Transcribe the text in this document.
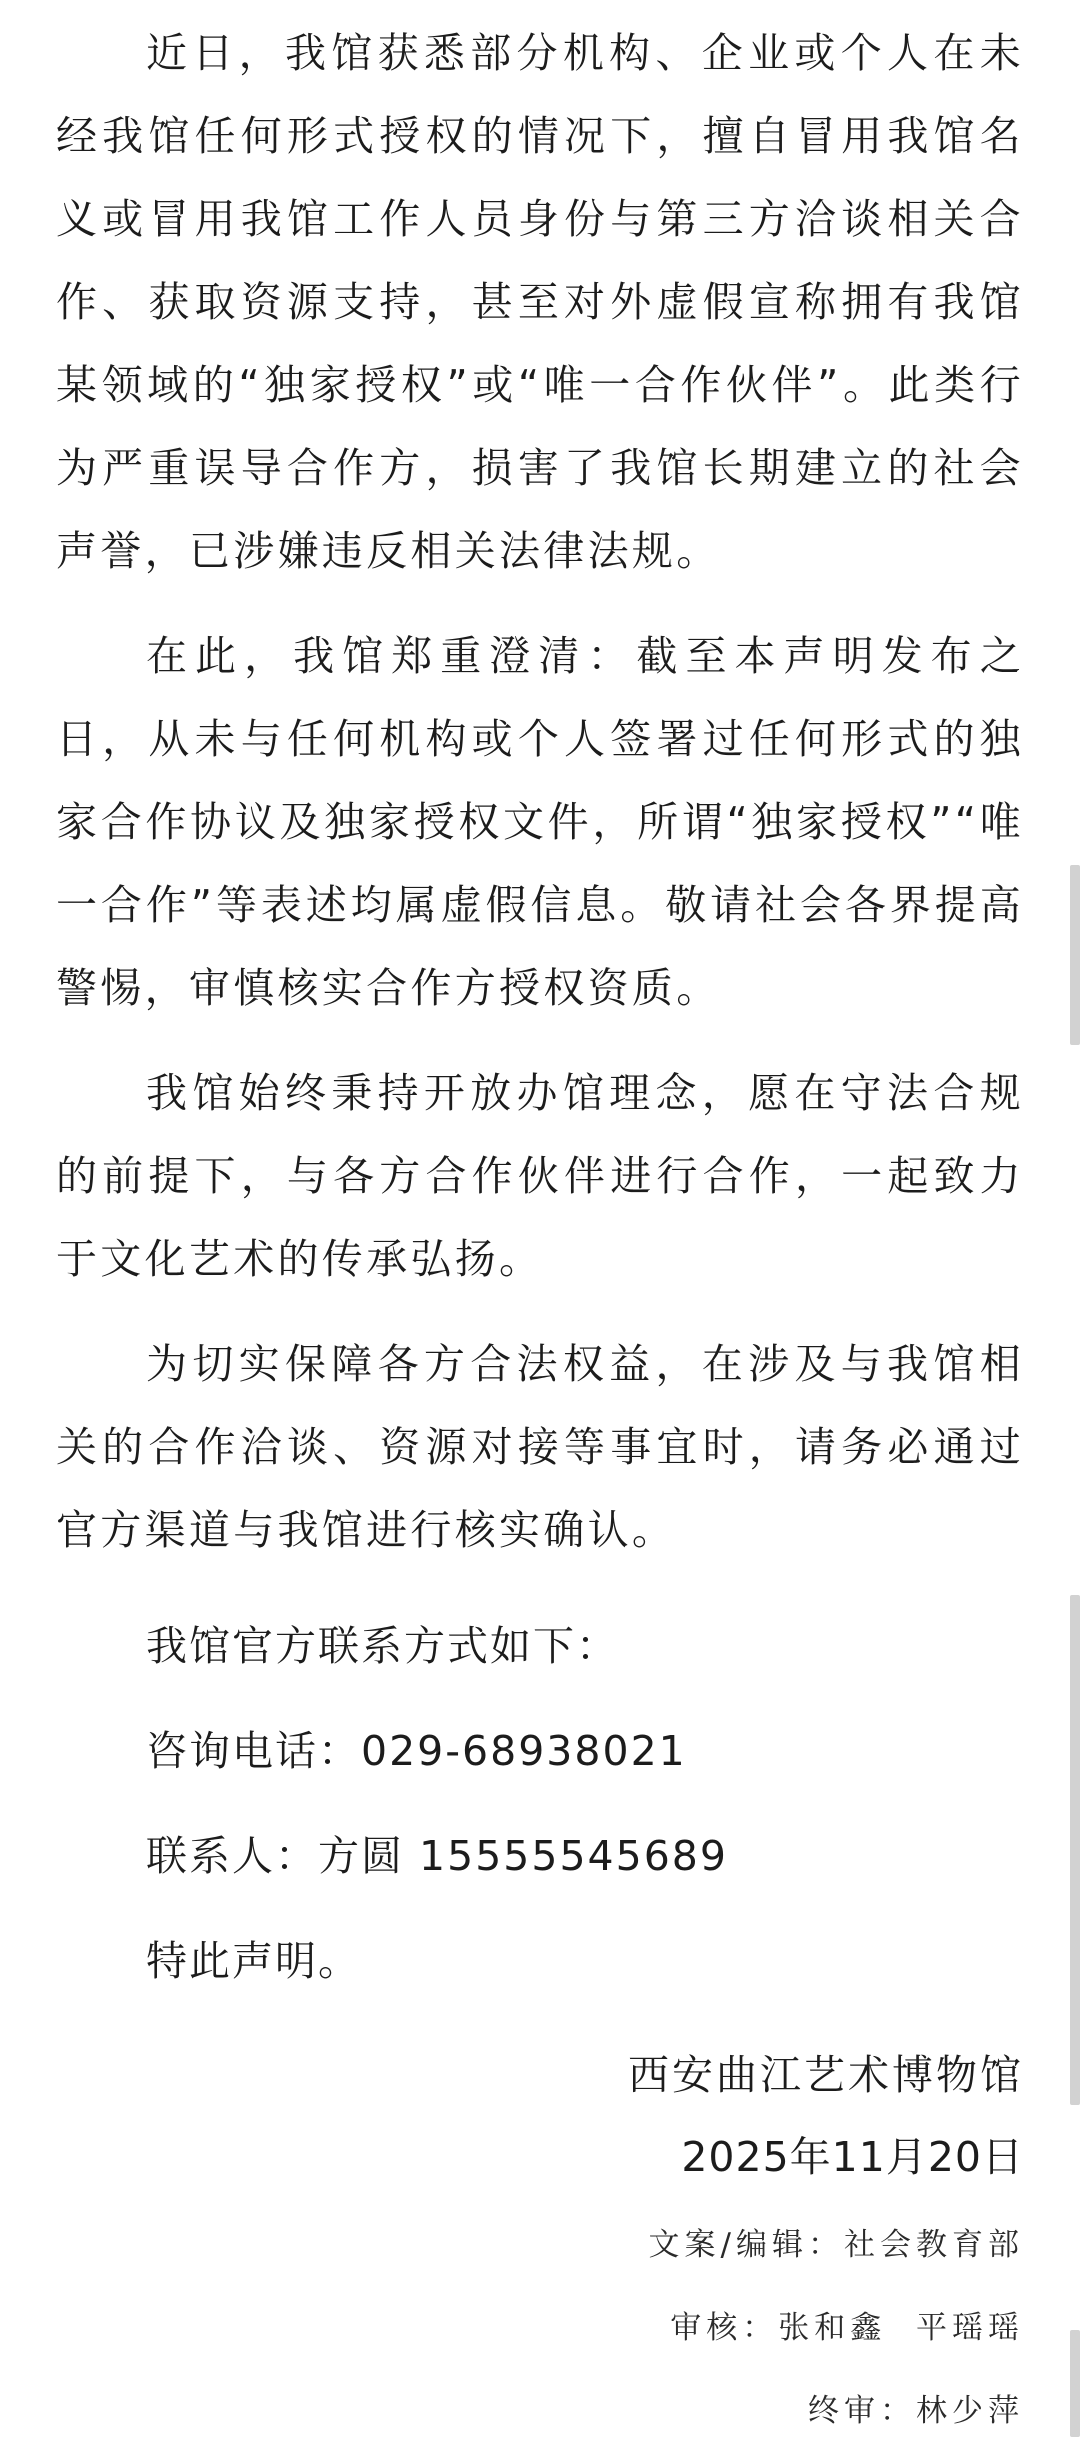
近日，我馆获悉部分机构、企业或个人在未经我馆任何形式授权的情况下，擅自冒用我馆名义或冒用我馆工作人员身份与第三方洽谈相关合作、获取资源支持，甚至对外虚假宣称拥有我馆某领域的“独家授权”或“唯一合作伙伴”。此类行为严重误导合作方，损害了我馆长期建立的社会声誉，已涉嫌违反相关法律法规。

在此，我馆郑重澄清：截至本声明发布之日，从未与任何机构或个人签署过任何形式的独家合作协议及独家授权文件，所谓“独家授权”“唯一合作”等表述均属虚假信息。敬请社会各界提高警惕，审慎核实合作方授权资质。

我馆始终秉持开放办馆理念，愿在守法合规的前提下，与各方合作伙伴进行合作，一起致力于文化艺术的传承弘扬。

为切实保障各方合法权益，在涉及与我馆相关的合作洽谈、资源对接等事宜时，请务必通过官方渠道与我馆进行核实确认。

我馆官方联系方式如下：

咨询电话：029-68938021

联系人：方圆 15555545689

特此声明。

西安曲江艺术博物馆

2025年11月20日

文案/编辑：社会教育部

审核：张和鑫  平瑶瑶

终审：林少萍
